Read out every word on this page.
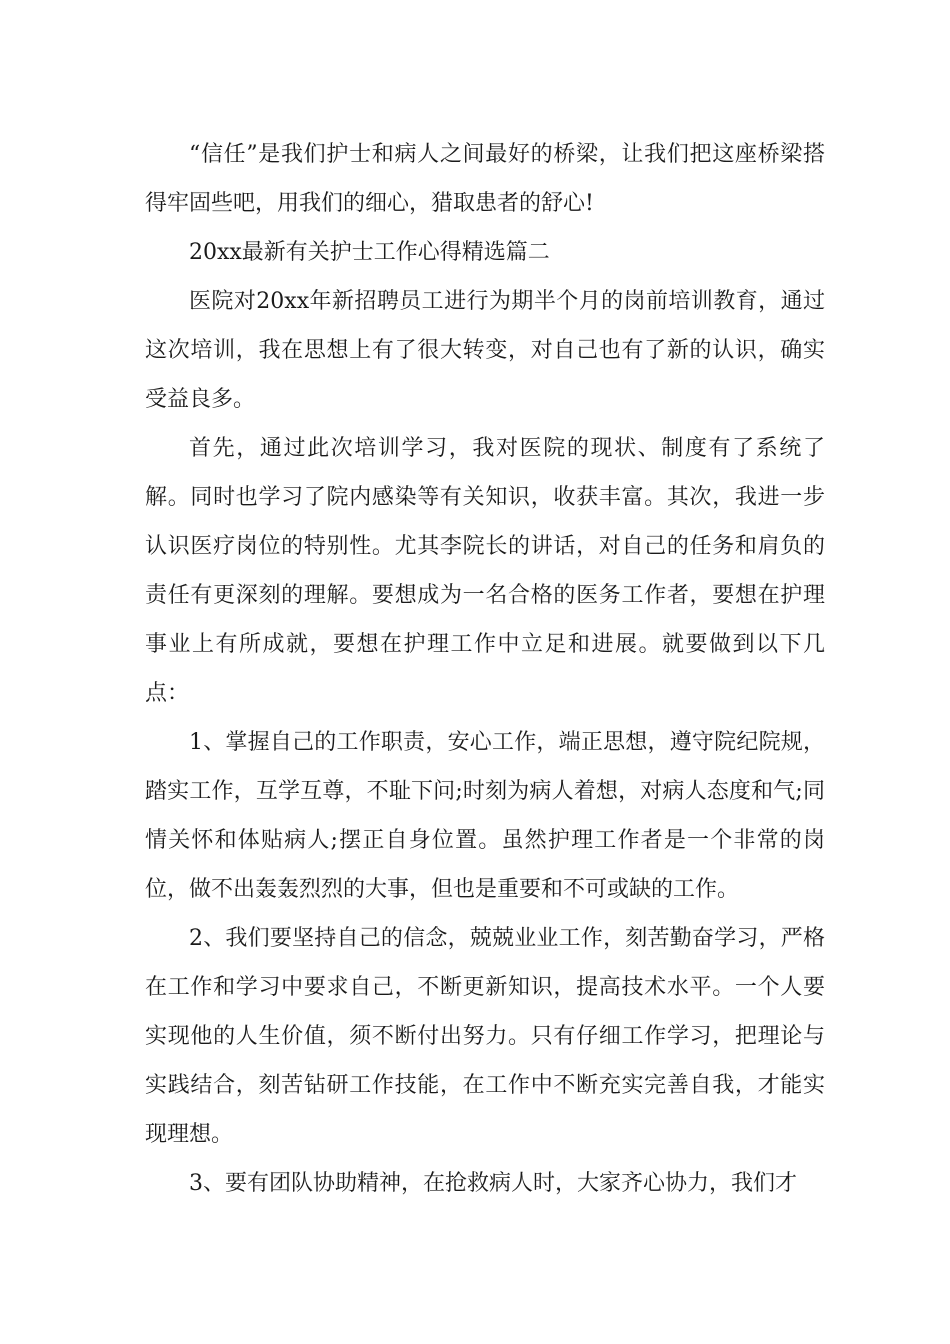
“信任”是我们护士和病人之间最好的桥梁，让我们把这座桥梁搭得牢固些吧，用我们的细心，猎取患者的舒心!

20xx最新有关护士工作心得精选篇二

医院对20xx年新招聘员工进行为期半个月的岗前培训教育，通过这次培训，我在思想上有了很大转变，对自己也有了新的认识，确实受益良多。

首先，通过此次培训学习，我对医院的现状、制度有了系统了解。同时也学习了院内感染等有关知识，收获丰富。其次，我进一步认识医疗岗位的特别性。尤其李院长的讲话，对自己的任务和肩负的责任有更深刻的理解。要想成为一名合格的医务工作者，要想在护理事业上有所成就，要想在护理工作中立足和进展。就要做到以下几点：

1、掌握自己的工作职责，安心工作，端正思想，遵守院纪院规，踏实工作，互学互尊，不耻下问;时刻为病人着想，对病人态度和气;同情关怀和体贴病人;摆正自身位置。虽然护理工作者是一个非常的岗位，做不出轰轰烈烈的大事，但也是重要和不可或缺的工作。

2、我们要坚持自己的信念，兢兢业业工作，刻苦勤奋学习，严格在工作和学习中要求自己，不断更新知识，提高技术水平。一个人要实现他的人生价值，须不断付出努力。只有仔细工作学习，把理论与实践结合，刻苦钻研工作技能，在工作中不断充实完善自我，才能实现理想。

3、要有团队协助精神，在抢救病人时，大家齐心协力，我们才
